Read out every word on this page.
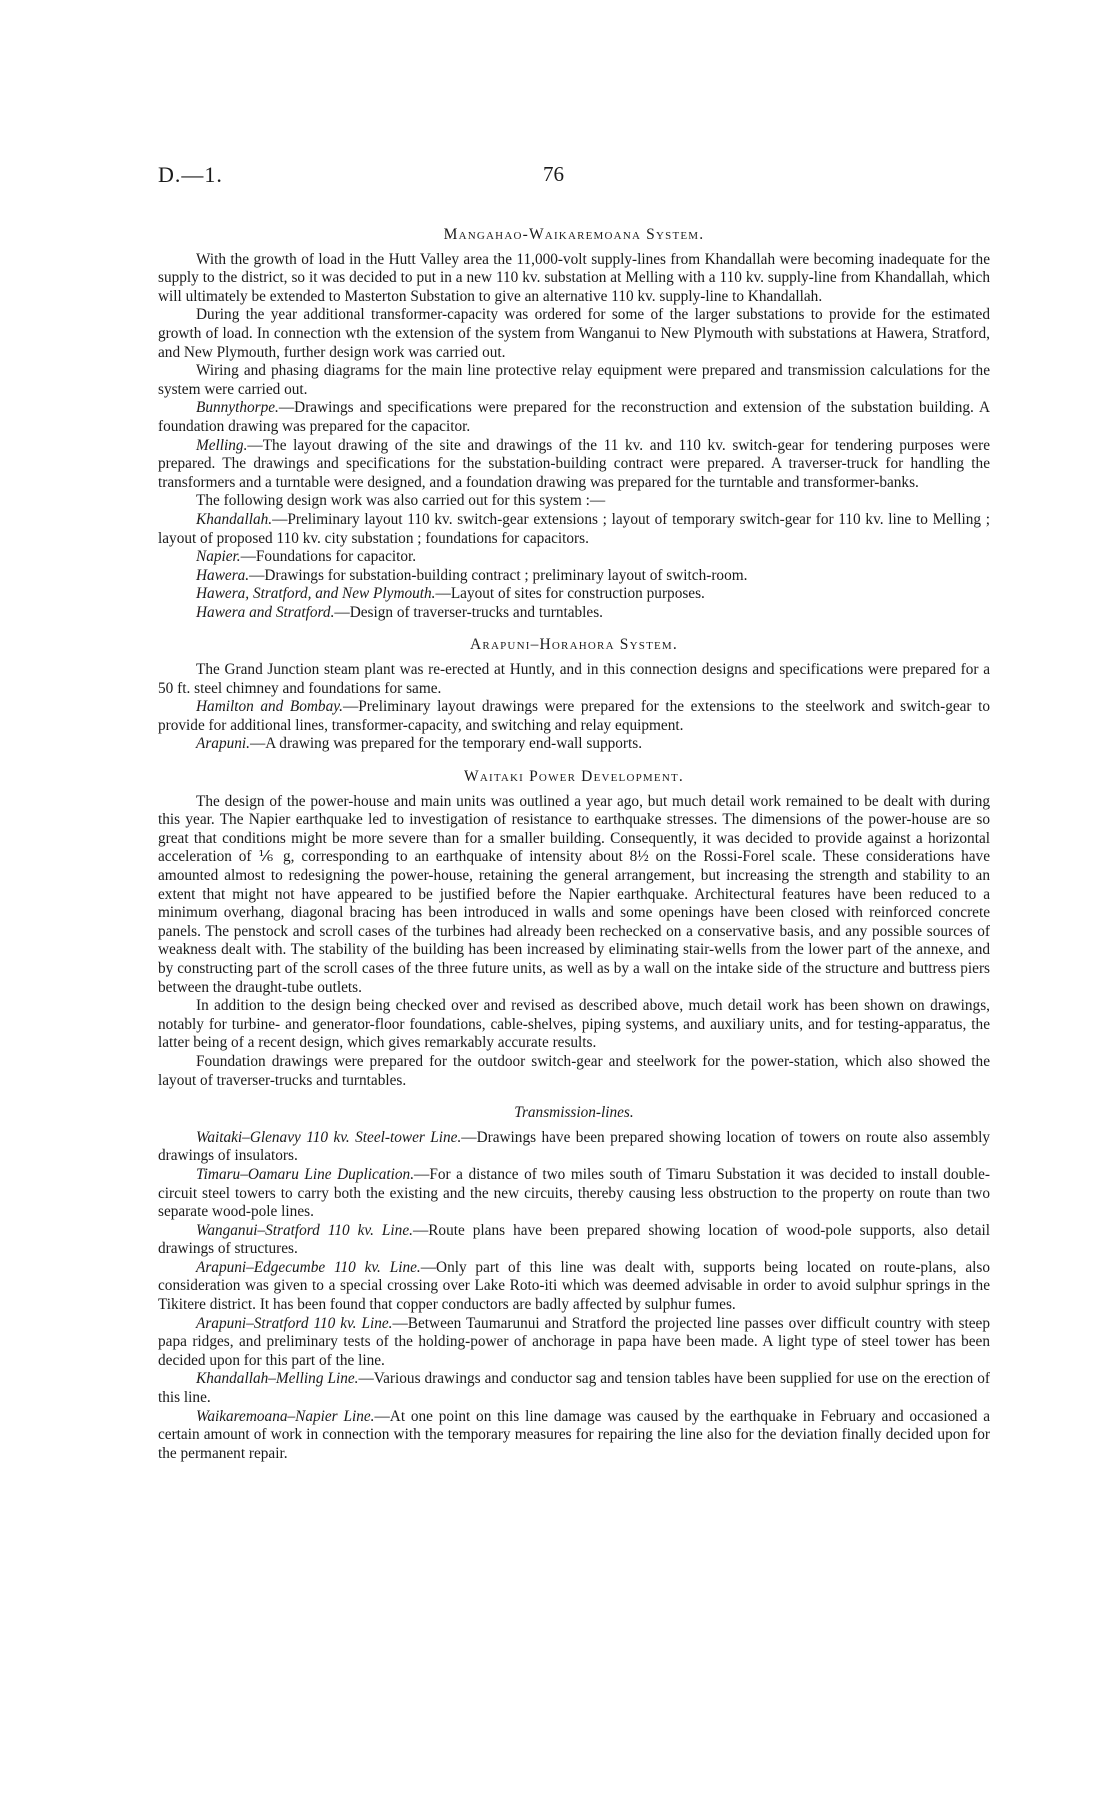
D.—1.	76
Mangahao-Waikaremoana System.

With the growth of load in the Hutt Valley area the 11,000-volt supply-lines from Khandallah were becoming inadequate for the supply to the district, so it was decided to put in a new 110 kv. substation at Melling with a 110 kv. supply-line from Khandallah, which will ultimately be extended to Masterton Substation to give an alternative 110 kv. supply-line to Khandallah.

During the year additional transformer-capacity was ordered for some of the larger substations to provide for the estimated growth of load. In connection wth the extension of the system from Wanganui to New Plymouth with substations at Hawera, Stratford, and New Plymouth, further design work was carried out.

Wiring and phasing diagrams for the main line protective relay equipment were prepared and transmission calculations for the system were carried out.

Bunnythorpe.—Drawings and specifications were prepared for the reconstruction and extension of the substation building. A foundation drawing was prepared for the capacitor.

Melling.—The layout drawing of the site and drawings of the 11 kv. and 110 kv. switch-gear for tendering purposes were prepared. The drawings and specifications for the substation-building contract were prepared. A traverser-truck for handling the transformers and a turntable were designed, and a foundation drawing was prepared for the turntable and transformer-banks.

The following design work was also carried out for this system :—

Khandallah.—Preliminary layout 110 kv. switch-gear extensions ; layout of temporary switch-gear for 110 kv. line to Melling ; layout of proposed 110 kv. city substation ; foundations for capacitors.

Napier.—Foundations for capacitor.

Hawera.—Drawings for substation-building contract ; preliminary layout of switch-room.

Hawera, Stratford, and New Plymouth.—Layout of sites for construction purposes.

Hawera and Stratford.—Design of traverser-trucks and turntables.

Arapuni–Horahora System.

The Grand Junction steam plant was re-erected at Huntly, and in this connection designs and specifications were prepared for a 50 ft. steel chimney and foundations for same.

Hamilton and Bombay.—Preliminary layout drawings were prepared for the extensions to the steelwork and switch-gear to provide for additional lines, transformer-capacity, and switching and relay equipment.

Arapuni.—A drawing was prepared for the temporary end-wall supports.

Waitaki Power Development.

The design of the power-house and main units was outlined a year ago, but much detail work remained to be dealt with during this year. The Napier earthquake led to investigation of resistance to earthquake stresses. The dimensions of the power-house are so great that conditions might be more severe than for a smaller building. Consequently, it was decided to provide against a horizontal acceleration of ⅙ g, corresponding to an earthquake of intensity about 8½ on the Rossi-Forel scale. These considerations have amounted almost to redesigning the power-house, retaining the general arrangement, but increasing the strength and stability to an extent that might not have appeared to be justified before the Napier earthquake. Architectural features have been reduced to a minimum overhang, diagonal bracing has been introduced in walls and some openings have been closed with reinforced concrete panels. The penstock and scroll cases of the turbines had already been rechecked on a conservative basis, and any possible sources of weakness dealt with. The stability of the building has been increased by eliminating stair-wells from the lower part of the annexe, and by constructing part of the scroll cases of the three future units, as well as by a wall on the intake side of the structure and buttress piers between the draught-tube outlets.

In addition to the design being checked over and revised as described above, much detail work has been shown on drawings, notably for turbine- and generator-floor foundations, cable-shelves, piping systems, and auxiliary units, and for testing-apparatus, the latter being of a recent design, which gives remarkably accurate results.

Foundation drawings were prepared for the outdoor switch-gear and steelwork for the power-station, which also showed the layout of traverser-trucks and turntables.

Transmission-lines.

Waitaki–Glenavy 110 kv. Steel-tower Line.—Drawings have been prepared showing location of towers on route also assembly drawings of insulators.

Timaru–Oamaru Line Duplication.—For a distance of two miles south of Timaru Substation it was decided to install double-circuit steel towers to carry both the existing and the new circuits, thereby causing less obstruction to the property on route than two separate wood-pole lines.

Wanganui–Stratford 110 kv. Line.—Route plans have been prepared showing location of wood-pole supports, also detail drawings of structures.

Arapuni–Edgecumbe 110 kv. Line.—Only part of this line was dealt with, supports being located on route-plans, also consideration was given to a special crossing over Lake Roto-iti which was deemed advisable in order to avoid sulphur springs in the Tikitere district. It has been found that copper conductors are badly affected by sulphur fumes.

Arapuni–Stratford 110 kv. Line.—Between Taumarunui and Stratford the projected line passes over difficult country with steep papa ridges, and preliminary tests of the holding-power of anchorage in papa have been made. A light type of steel tower has been decided upon for this part of the line.

Khandallah–Melling Line.—Various drawings and conductor sag and tension tables have been supplied for use on the erection of this line.

Waikaremoana–Napier Line.—At one point on this line damage was caused by the earthquake in February and occasioned a certain amount of work in connection with the temporary measures for repairing the line also for the deviation finally decided upon for the permanent repair.
